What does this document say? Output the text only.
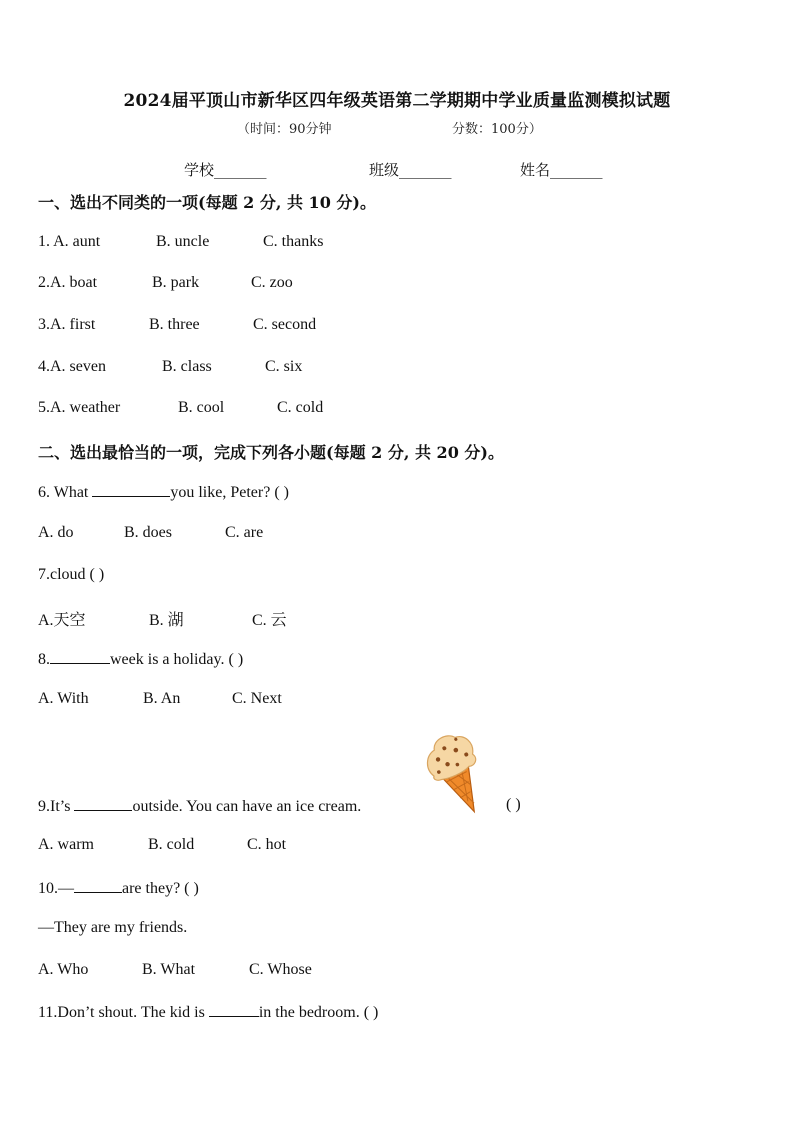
2024届平顶山市新华区四年级英语第二学期期中学业质量监测模拟试题
（时间：90分钟	分数：100分）
学校_______	班级_______	姓名_______
一、选出不同类的一项(每题 2 分, 共 10 分)。
1. A. aunt	B. uncle	C. thanks
2.A. boat	B. park	C. zoo
3.A. first	B. three	C. second
4.A. seven	B. class	C. six
5.A. weather	B. cool	C. cold
二、选出最恰当的一项，完成下列各小题(每题 2 分, 共 20 分)。
6. What	you like, Peter? ( )
A. do	B. does	C. are
7.cloud ( )
A.天空	B. 湖	C. 云
8.	week is a holiday. ( )
A. With	B. An	C. Next
9.It’s	outside. You can have an ice cream.	( )
A. warm	B. cold	C. hot
10.—	are they? ( )
—They are my friends.
A. Who	B. What	C. Whose
11.Don’t shout. The kid is	in the bedroom. ( )
